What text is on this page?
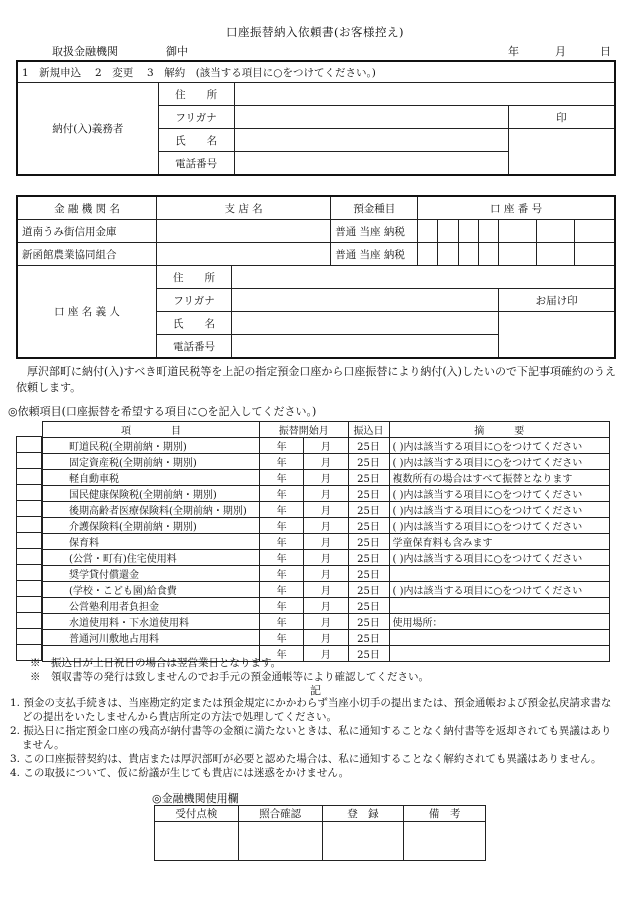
口座振替納入依頼書(お客様控え)
取扱金融機関	御中	年	月	日
1　新規申込　 2　変更　 3　解約　(該当する項目に○をつけてください。)			
納付(入)義務者	住　　所		
	フリガナ		印
	氏　　名		
	電話番号		
金 融 機 関 名	支 店 名		預金種目	口 座 番 号						
道南うみ街信用金庫			普通 当座 納税							
新函館農業協同組合			普通 当座 納税							
口 座 名 義 人	住　　所									
	フリガナ							お届け印		
	氏　　名									
	電話番号									
　厚沢部町に納付(入)すべき町道民税等を上記の指定預金口座から口座振替により納付(入)したいので下記事項確約のうえ依頼します。
◎依頼項目(口座振替を希望する項目に○を記入してください。)
項　　　　目	振替開始月		振込日	摘　　　要
町道民税(全期前納・期別)	年	月	25日	( )内は該当する項目に○をつけてください
固定資産税(全期前納・期別)	年	月	25日	( )内は該当する項目に○をつけてください
軽自動車税	年	月	25日	複数所有の場合はすべて振替となります
国民健康保険税(全期前納・期別)	年	月	25日	( )内は該当する項目に○をつけてください
後期高齢者医療保険料(全期前納・期別)	年	月	25日	( )内は該当する項目に○をつけてください
介護保険料(全期前納・期別)	年	月	25日	( )内は該当する項目に○をつけてください
保育料	年	月	25日	学童保育料も含みます
(公営・町有)住宅使用料	年	月	25日	( )内は該当する項目に○をつけてください
奨学貸付償還金	年	月	25日	
(学校・こども園)給食費	年	月	25日	( )内は該当する項目に○をつけてください
公営塾利用者負担金	年	月	25日	
水道使用料・下水道使用料	年	月	25日	使用場所：
普通河川敷地占用料	年	月	25日	
	年	月	25日	

※　振込日が土日祝日の場合は翌営業日となります。
※　領収書等の発行は致しませんのでお手元の預金通帳等により確認してください。
記
1. 預金の支払手続きは、当座勘定約定または預金規定にかかわらず当座小切手の提出または、預金通帳および預金払戻請求書などの提出をいたしませんから貴店所定の方法で処理してください。
2. 振込日に指定預金口座の残高が納付書等の金額に満たないときは、私に通知することなく納付書等を返却されても異議はありません。
3. この口座振替契約は、貴店または厚沢部町が必要と認めた場合は、私に通知することなく解約されても異議はありません。
4. この取扱について、仮に紛議が生じても貴店には迷惑をかけません。
◎金融機関使用欄
受付点検	照合確認	登　録	備　考
